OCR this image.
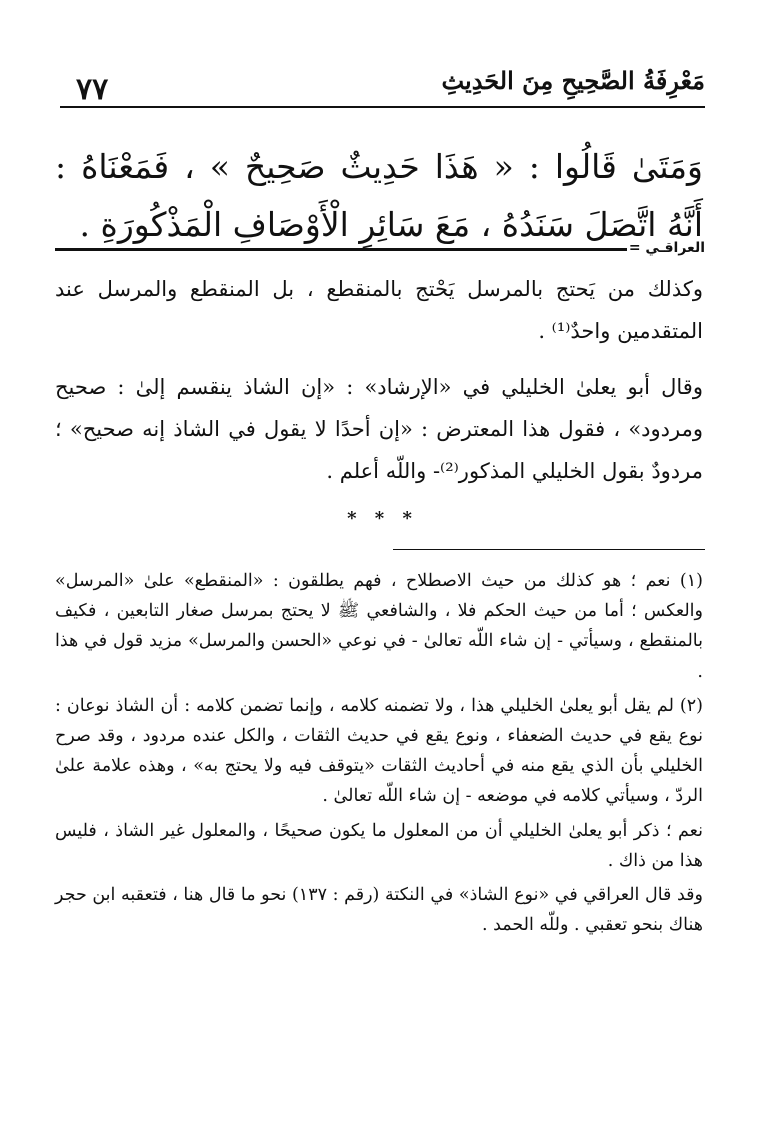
٧٧	مَعْرِفَةُ الصَّحِيحِ مِنَ الحَدِيثِ
وَمَتَىٰ قَالُوا : « هَذَا حَدِيثٌ صَحِيحٌ » ، فَمَعْنَاهُ : أَنَّهُ اتَّصَلَ سَنَدُهُ ، مَعَ سَائِرِ الْأَوْصَافِ الْمَذْكُورَةِ .
العراقـي =

وكذلك من يَحتج بالمرسل يَحْتج بالمنقطع ، بل المنقطع والمرسل عند المتقدمين واحدٌ⁽¹⁾ .

وقال أبو يعلىٰ الخليلي في «الإرشاد» : «إن الشاذ ينقسم إلىٰ : صحيح ومردود» ، فقول هذا المعترض : «إن أحدًا لا يقول في الشاذ إنه صحيح» ؛ مردودٌ بقول الخليلي المذكور⁽²⁾- واللّه أعلم .

* * *

(١) نعم ؛ هو كذلك من حيث الاصطلاح ، فهم يطلقون : «المنقطع» علىٰ «المرسل» والعكس ؛ أما من حيث الحكم فلا ، والشافعي ﷺ لا يحتج بمرسل صغار التابعين ، فكيف بالمنقطع ، وسيأتي - إن شاء اللّه تعالىٰ - في نوعي «الحسن والمرسل» مزيد قول في هذا .

(٢) لم يقل أبو يعلىٰ الخليلي هذا ، ولا تضمنه كلامه ، وإنما تضمن كلامه : أن الشاذ نوعان : نوع يقع في حديث الضعفاء ، ونوع يقع في حديث الثقات ، والكل عنده مردود ، وقد صرح الخليلي بأن الذي يقع منه في أحاديث الثقات «يتوقف فيه ولا يحتج به» ، وهذه علامة علىٰ الردّ ، وسيأتي كلامه في موضعه - إن شاء اللّه تعالىٰ .

نعم ؛ ذكر أبو يعلىٰ الخليلي أن من المعلول ما يكون صحيحًا ، والمعلول غير الشاذ ، فليس هذا من ذاك .

وقد قال العراقي في «نوع الشاذ» في النكتة (رقم : ١٣٧) نحو ما قال هنا ، فتعقبه ابن حجر هناك بنحو تعقبي . وللّه الحمد .
